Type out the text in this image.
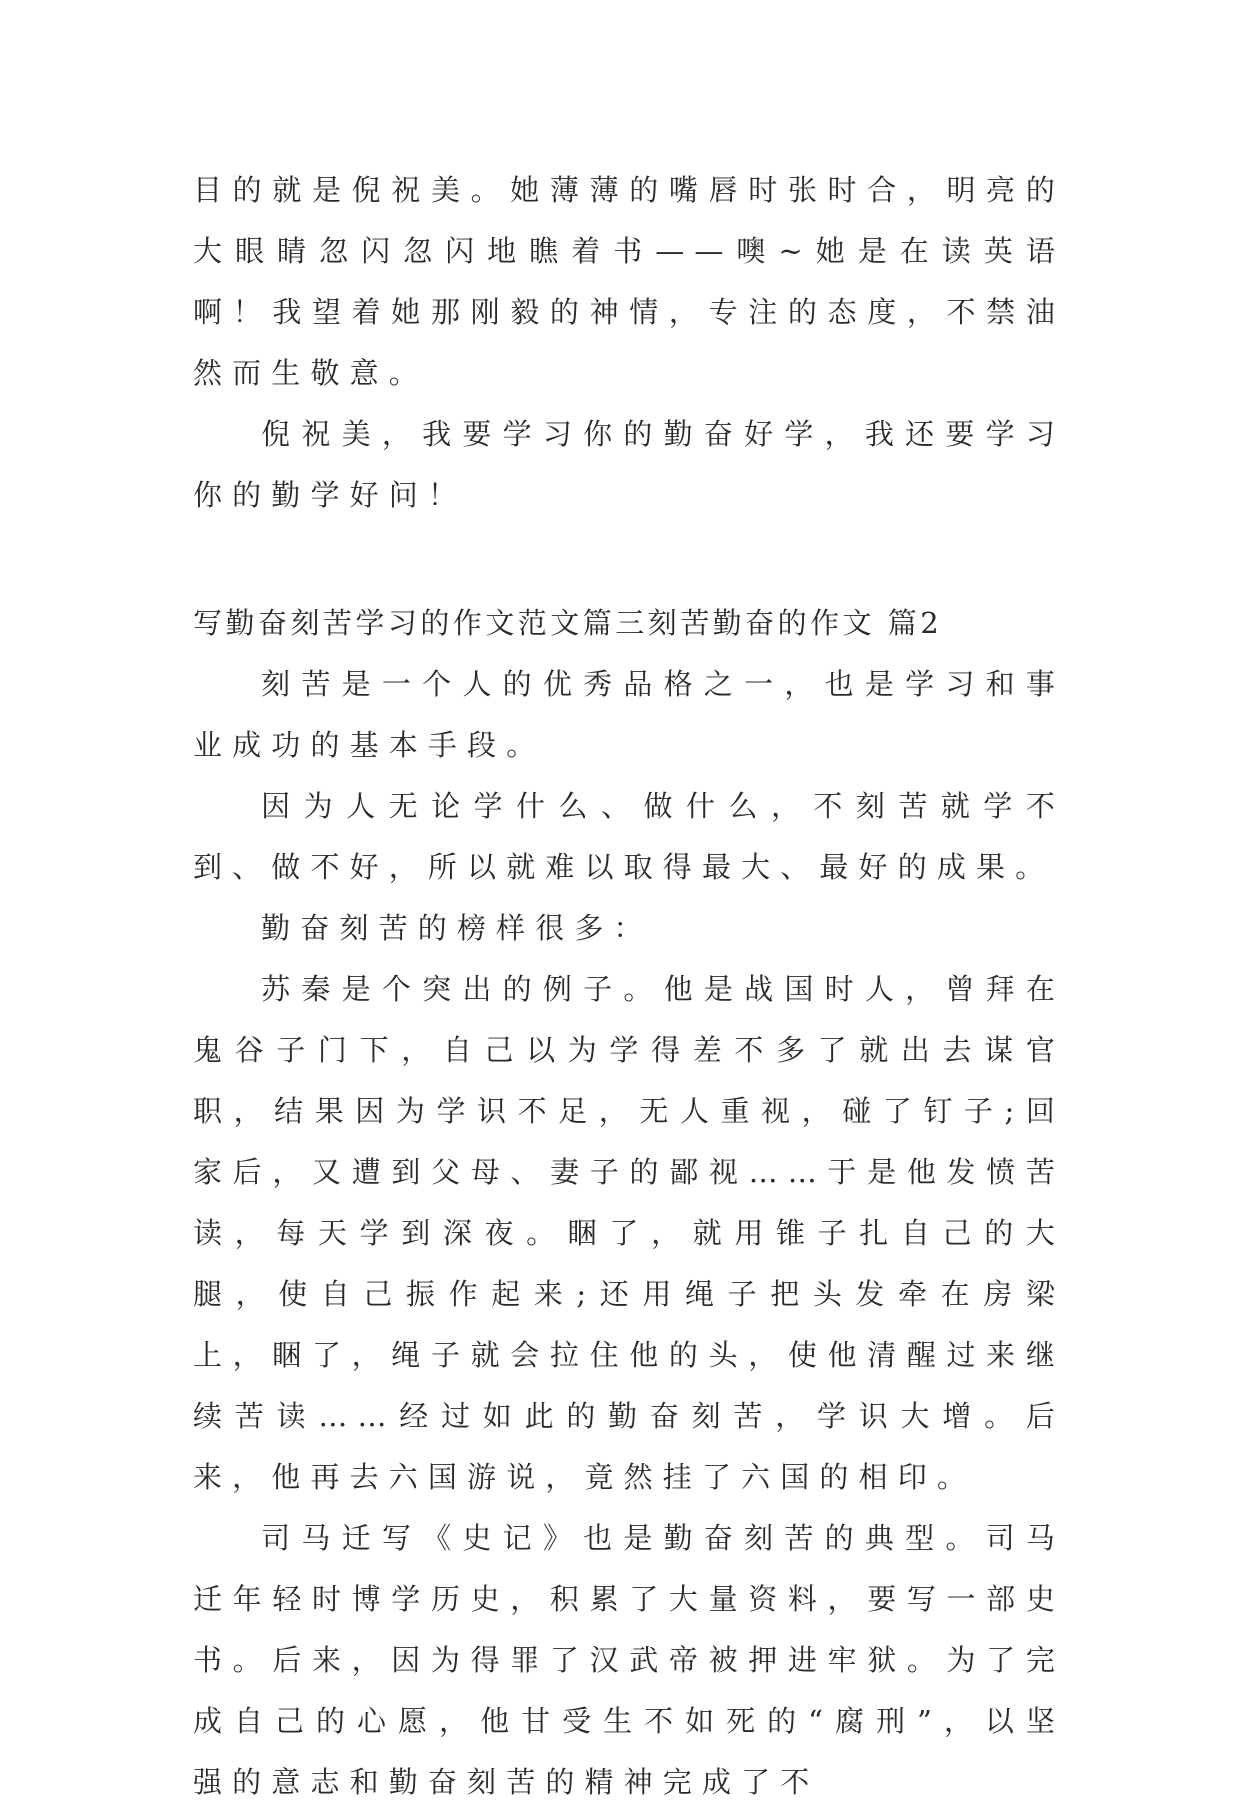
目的就是倪祝美。她薄薄的嘴唇时张时合，明亮的大眼睛忽闪忽闪地瞧着书——噢~她是在读英语啊！我望着她那刚毅的神情，专注的态度，不禁油然而生敬意。

倪祝美，我要学习你的勤奋好学，我还要学习你的勤学好问！

写勤奋刻苦学习的作文范文篇三刻苦勤奋的作文 篇2

刻苦是一个人的优秀品格之一，也是学习和事业成功的基本手段。

因为人无论学什么、做什么，不刻苦就学不到、做不好，所以就难以取得最大、最好的成果。

勤奋刻苦的榜样很多：

苏秦是个突出的例子。他是战国时人，曾拜在鬼谷子门下，自己以为学得差不多了就出去谋官职，结果因为学识不足，无人重视，碰了钉子;回家后，又遭到父母、妻子的鄙视……于是他发愤苦读，每天学到深夜。睏了，就用锥子扎自己的大腿，使自己振作起来;还用绳子把头发牵在房梁上，睏了，绳子就会拉住他的头，使他清醒过来继续苦读……经过如此的勤奋刻苦，学识大增。后来，他再去六国游说，竟然挂了六国的相印。

司马迁写《史记》也是勤奋刻苦的典型。司马迁年轻时博学历史，积累了大量资料，要写一部史书。后来，因为得罪了汉武帝被押进牢狱。为了完成自己的心愿，他甘受生不如死的“腐刑”，以坚强的意志和勤奋刻苦的精神完成了不
